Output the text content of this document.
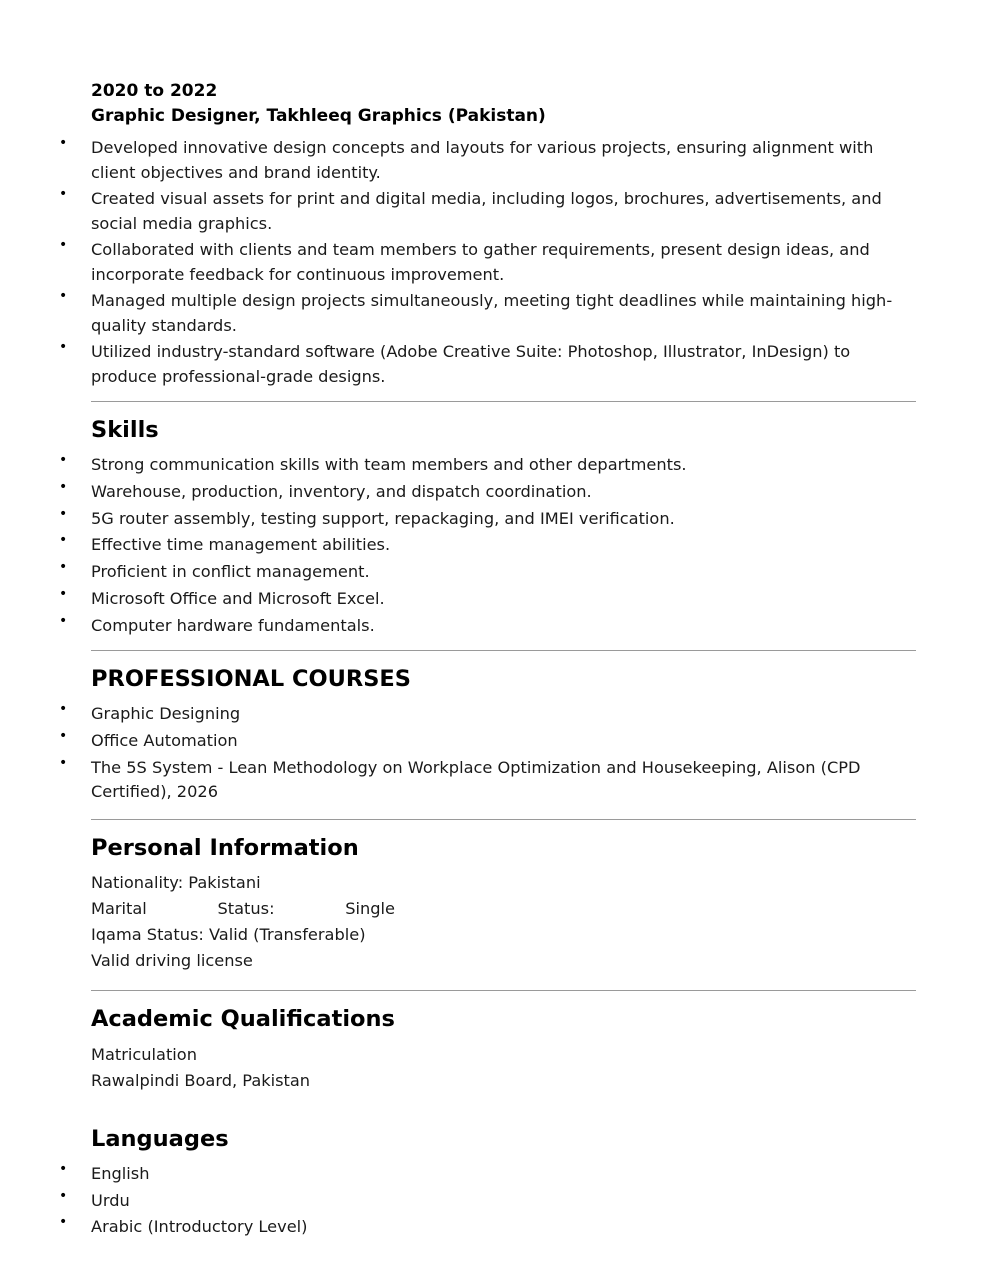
2020 to 2022
Graphic Designer, Takhleeq Graphics (Pakistan)
• Developed innovative design concepts and layouts for various projects, ensuring alignment with client objectives and brand identity.
• Created visual assets for print and digital media, including logos, brochures, advertisements, and social media graphics.
• Collaborated with clients and team members to gather requirements, present design ideas, and incorporate feedback for continuous improvement.
• Managed multiple design projects simultaneously, meeting tight deadlines while maintaining high-quality standards.
• Utilized industry-standard software (Adobe Creative Suite: Photoshop, Illustrator, InDesign) to produce professional-grade designs.
Skills
• Strong communication skills with team members and other departments.
• Warehouse, production, inventory, and dispatch coordination.
• 5G router assembly, testing support, repackaging, and IMEI verification.
• Effective time management abilities.
• Proficient in conflict management.
• Microsoft Office and Microsoft Excel.
• Computer hardware fundamentals.
PROFESSIONAL COURSES
• Graphic Designing
• Office Automation
• The 5S System - Lean Methodology on Workplace Optimization and Housekeeping, Alison (CPD Certified), 2026
Personal Information
Nationality: Pakistani
Marital	Status:	Single
Iqama Status: Valid (Transferable)
Valid driving license
Academic Qualifications
Matriculation
Rawalpindi Board, Pakistan
Languages
• English
• Urdu
• Arabic (Introductory Level)
